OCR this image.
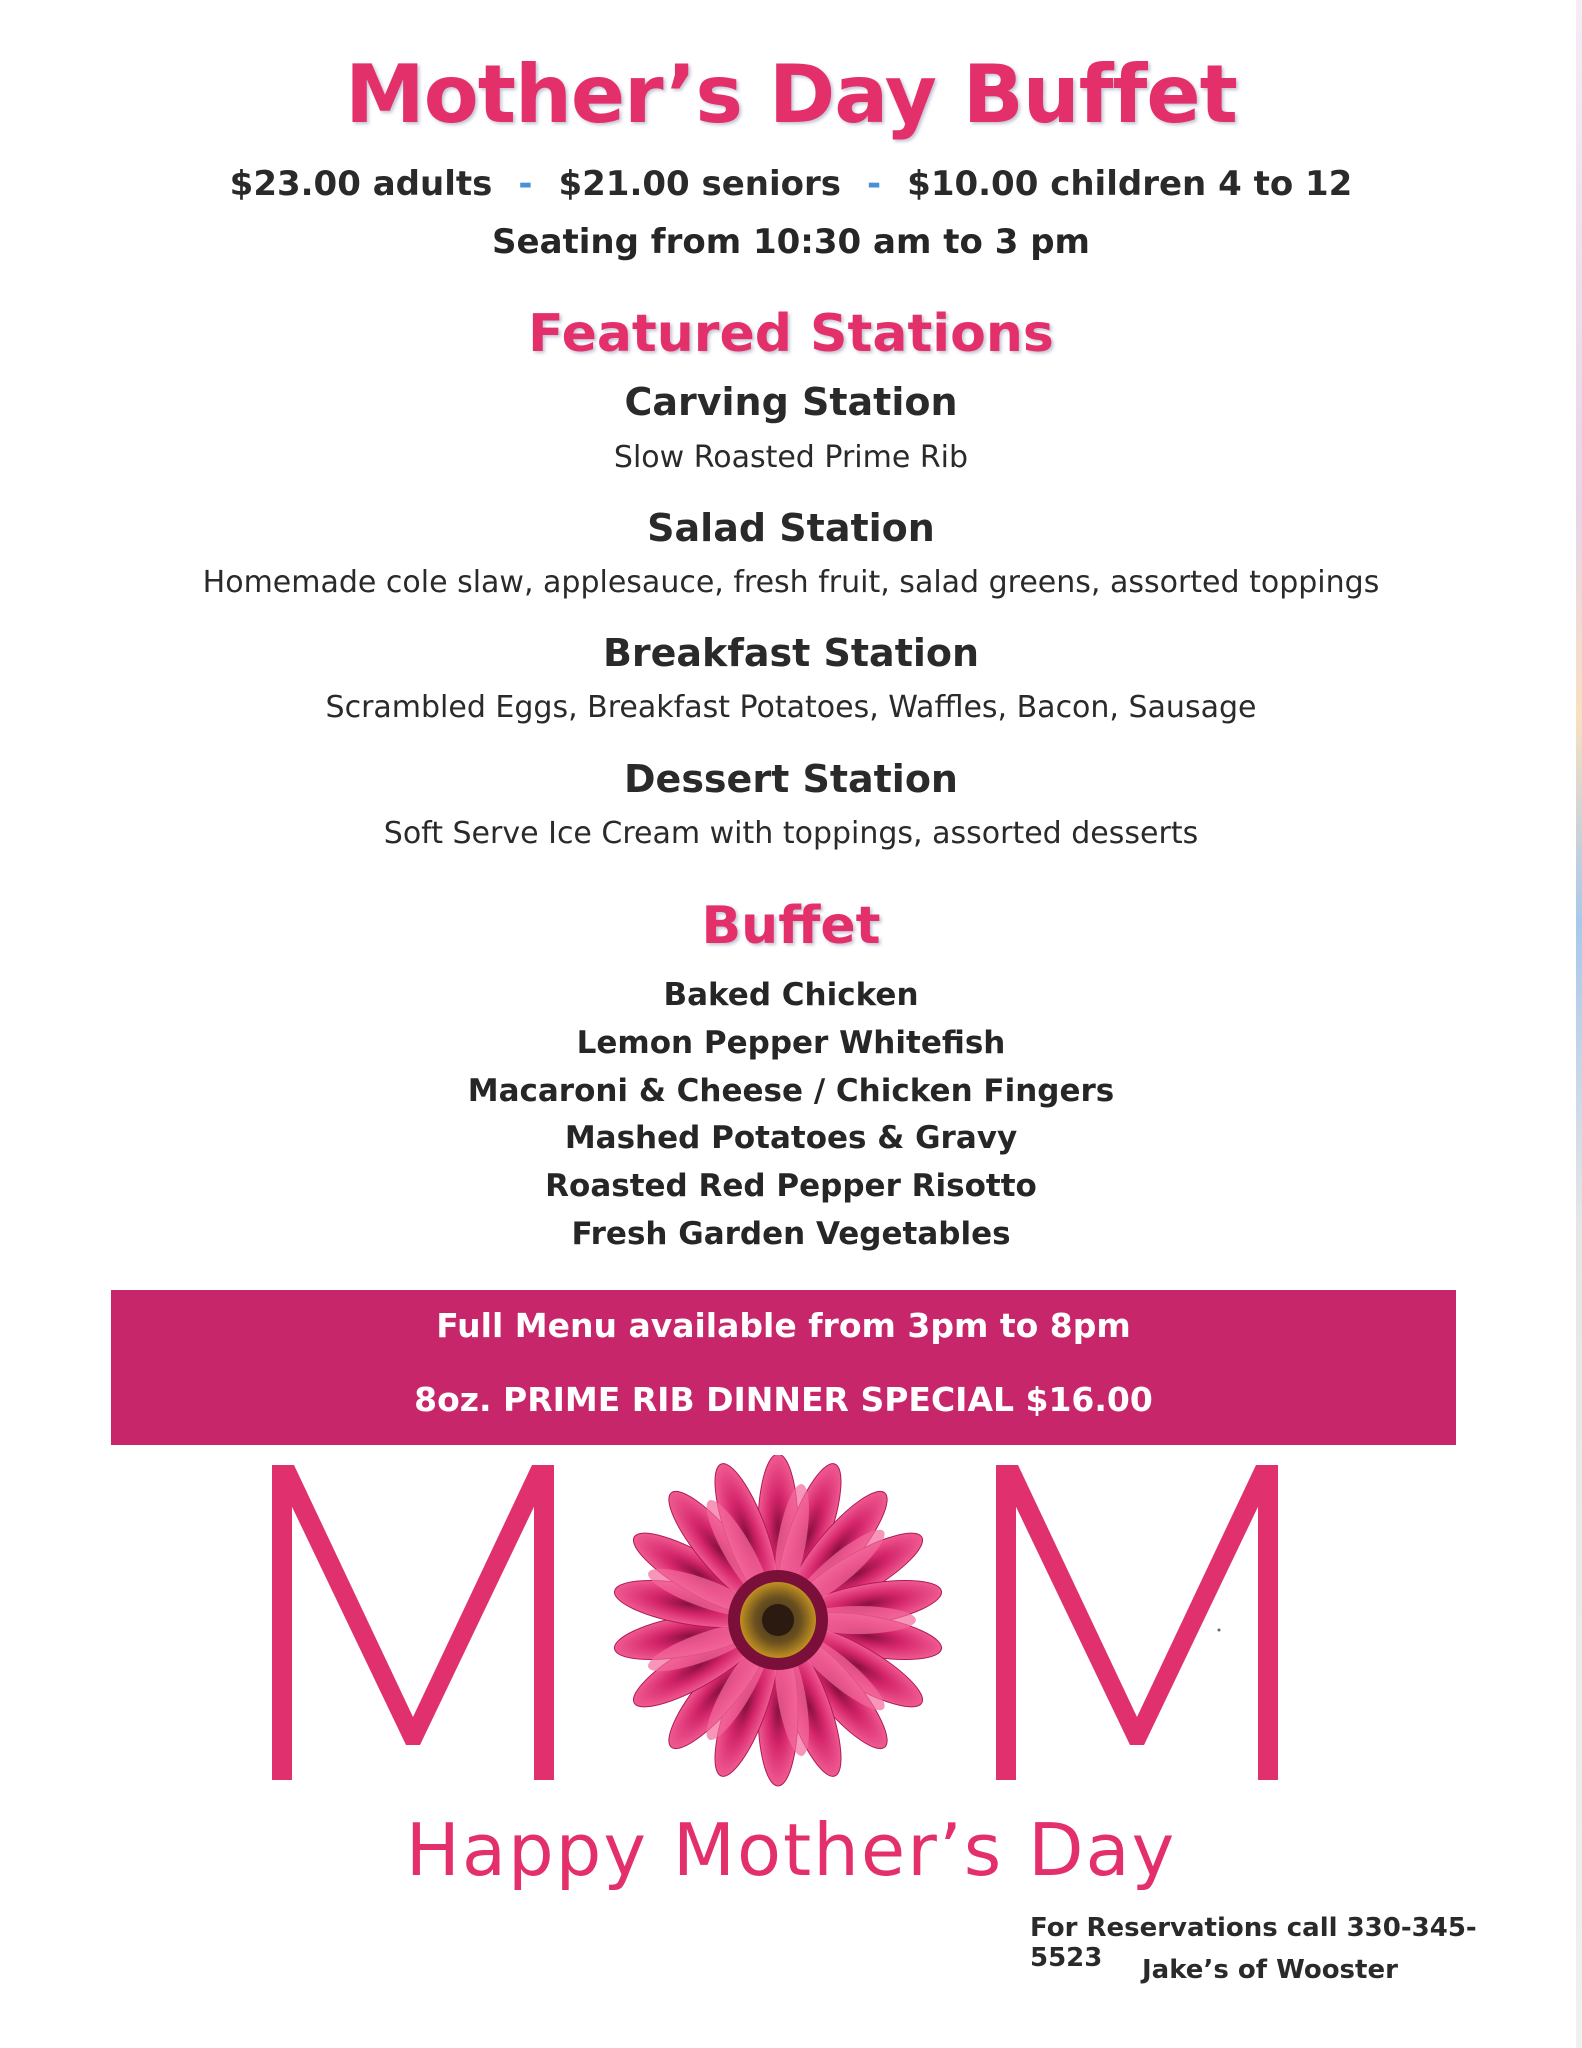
Mother’s Day Buffet
$23.00 adults - $21.00 seniors - $10.00 children 4 to 12
Seating from 10:30 am to 3 pm
Featured Stations
Carving Station
Slow Roasted Prime Rib
Salad Station
Homemade cole slaw, applesauce, fresh fruit, salad greens, assorted toppings
Breakfast Station
Scrambled Eggs, Breakfast Potatoes, Waffles, Bacon, Sausage
Dessert Station
Soft Serve Ice Cream with toppings, assorted desserts
Buffet
Baked Chicken
Lemon Pepper Whitefish
Macaroni & Cheese / Chicken Fingers
Mashed Potatoes & Gravy
Roasted Red Pepper Risotto
Fresh Garden Vegetables
Full Menu available from 3pm to 8pm
8oz. PRIME RIB DINNER SPECIAL $16.00
Happy Mother’s Day
For Reservations call 330-345-5523	Jake’s of Wooster
